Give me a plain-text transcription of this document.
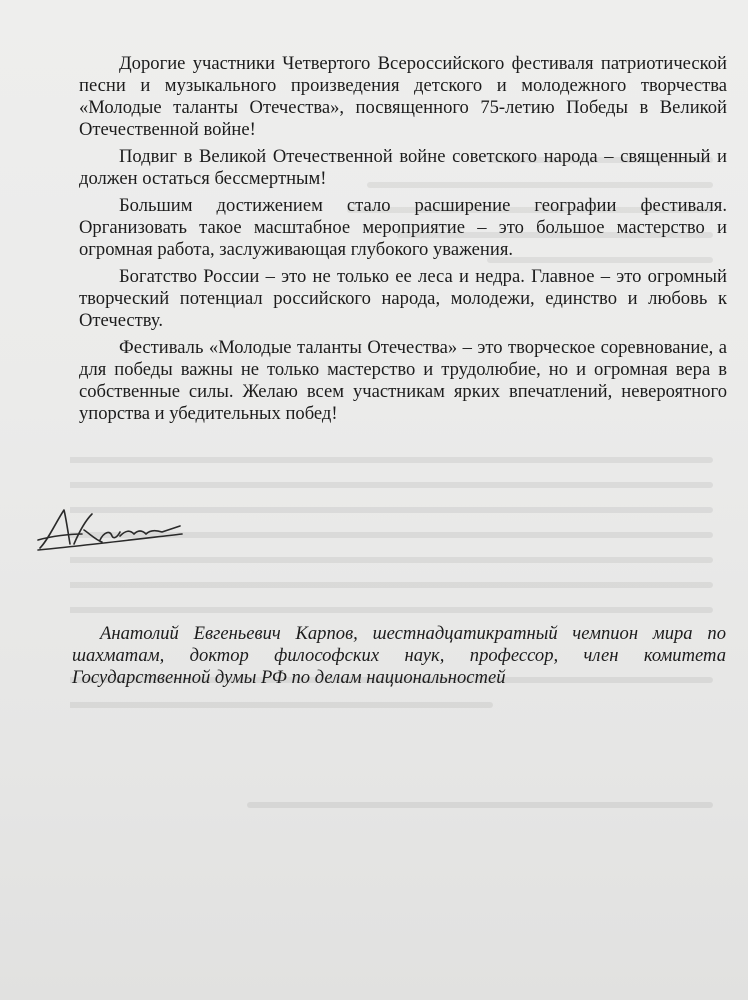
Дорогие участники Четвертого Всероссийского фестиваля патриотической песни и музыкального произведения детского и молодежного творчества «Молодые таланты Отечества», посвященного 75-летию Победы в Великой Отечественной войне!

Подвиг в Великой Отечественной войне советского народа – священный и должен остаться бессмертным!

Большим достижением стало расширение географии фестиваля. Организовать такое масштабное мероприятие – это большое мастерство и огромная работа, заслуживающая глубокого уважения.

Богатство России – это не только ее леса и недра. Главное – это огромный творческий потенциал российского народа, молодежи, единство и любовь к Отечеству.

Фестиваль «Молодые таланты Отечества» – это творческое соревнование, а для победы важны не только мастерство и трудолюбие, но и огромная вера в собственные силы. Желаю всем участникам ярких впечатлений, невероятного упорства и убедительных побед!

Анатолий Евгеньевич Карпов, шестнадцатикратный чемпион мира по шахматам, доктор философских наук, профессор, член комитета Государственной думы РФ по делам национальностей
